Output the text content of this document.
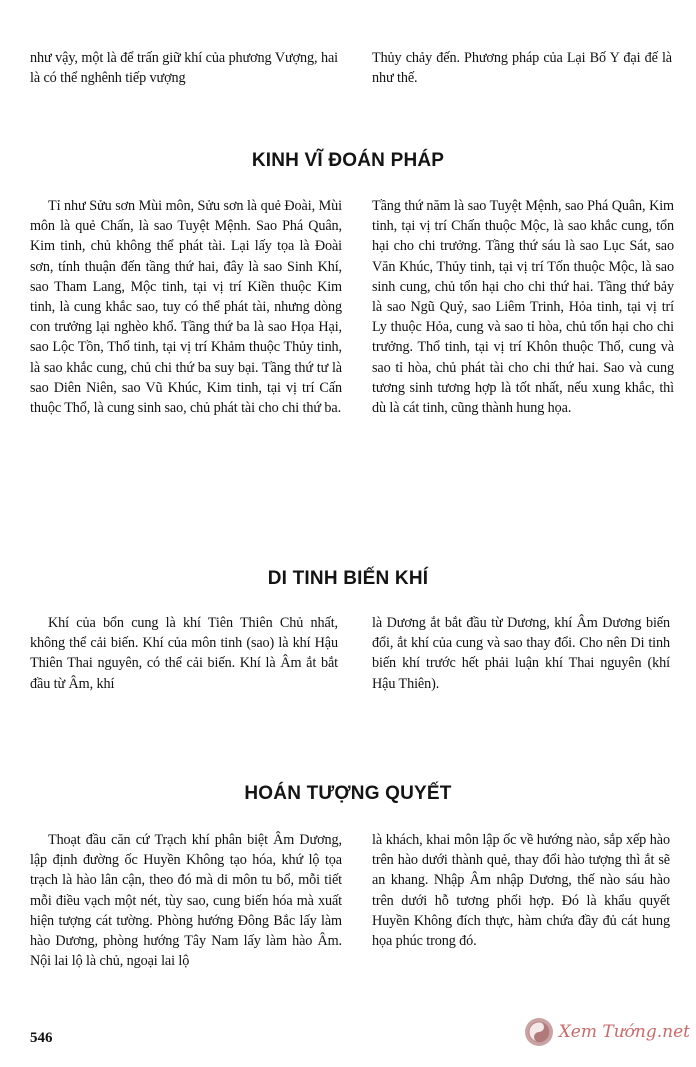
như vậy, một là để trấn giữ khí của phương Vượng, hai là có thể nghênh tiếp vượng

Thủy chảy đến. Phương pháp của Lại Bố Y đại đế là như thế.

KINH VĨ ĐOÁN PHÁP

Tỉ như Sửu sơn Mùi môn, Sửu sơn là quẻ Đoài, Mùi môn là quẻ Chấn, là sao Tuyệt Mệnh. Sao Phá Quân, Kim tinh, chủ không thể phát tài. Lại lấy tọa là Đoài sơn, tính thuận đến tầng thứ hai, đây là sao Sinh Khí, sao Tham Lang, Mộc tinh, tại vị trí Kiền thuộc Kim tinh, là cung khắc sao, tuy có thể phát tài, nhưng dòng con trưởng lại nghèo khổ. Tầng thứ ba là sao Họa Hại, sao Lộc Tồn, Thổ tinh, tại vị trí Khảm thuộc Thủy tinh, là sao khắc cung, chủ chi thứ ba suy bại. Tầng thứ tư là sao Diên Niên, sao Vũ Khúc, Kim tinh, tại vị trí Cấn thuộc Thổ, là cung sinh sao, chủ phát tài cho chi thứ ba.

Tầng thứ năm là sao Tuyệt Mệnh, sao Phá Quân, Kim tinh, tại vị trí Chấn thuộc Mộc, là sao khắc cung, tổn hại cho chi trưởng. Tầng thứ sáu là sao Lục Sát, sao Văn Khúc, Thủy tinh, tại vị trí Tốn thuộc Mộc, là sao sinh cung, chủ tổn hại cho chi thứ hai. Tầng thứ bảy là sao Ngũ Quỷ, sao Liêm Trinh, Hỏa tinh, tại vị trí Ly thuộc Hỏa, cung và sao tỉ hòa, chủ tổn hại cho chi trưởng. Thổ tinh, tại vị trí Khôn thuộc Thổ, cung và sao tỉ hòa, chủ phát tài cho chi thứ hai. Sao và cung tương sinh tương hợp là tốt nhất, nếu xung khắc, thì dù là cát tinh, cũng thành hung họa.

DI TINH BIẾN KHÍ

Khí của bổn cung là khí Tiên Thiên Chủ nhất, không thể cải biến. Khí của môn tinh (sao) là khí Hậu Thiên Thai nguyên, có thể cải biến. Khí là Âm ắt bắt đầu từ Âm, khí

là Dương ắt bắt đầu từ Dương, khí Âm Dương biến đổi, ắt khí của cung và sao thay đổi. Cho nên Di tinh biến khí trước hết phải luận khí Thai nguyên (khí Hậu Thiên).

HOÁN TƯỢNG QUYẾT

Thoạt đầu căn cứ Trạch khí phân biệt Âm Dương, lập định đường ốc Huyền Không tạo hóa, khứ lộ tọa trạch là hào lân cận, theo đó mà di môn tu bổ, mỗi tiết mỗi điều vạch một nét, tùy sao, cung biến hóa mà xuất hiện tượng cát tường. Phòng hướng Đông Bắc lấy làm hào Dương, phòng hướng Tây Nam lấy làm hào Âm. Nội lai lộ là chủ, ngoại lai lộ

là khách, khai môn lập ốc về hướng nào, sắp xếp hào trên hào dưới thành quẻ, thay đổi hào tượng thì ắt sẽ an khang. Nhập Âm nhập Dương, thế nào sáu hào trên dưới hỗ tương phối hợp. Đó là khẩu quyết Huyền Không đích thực, hàm chứa đầy đủ cát hung họa phúc trong đó.

546	Xem Tướng.net
